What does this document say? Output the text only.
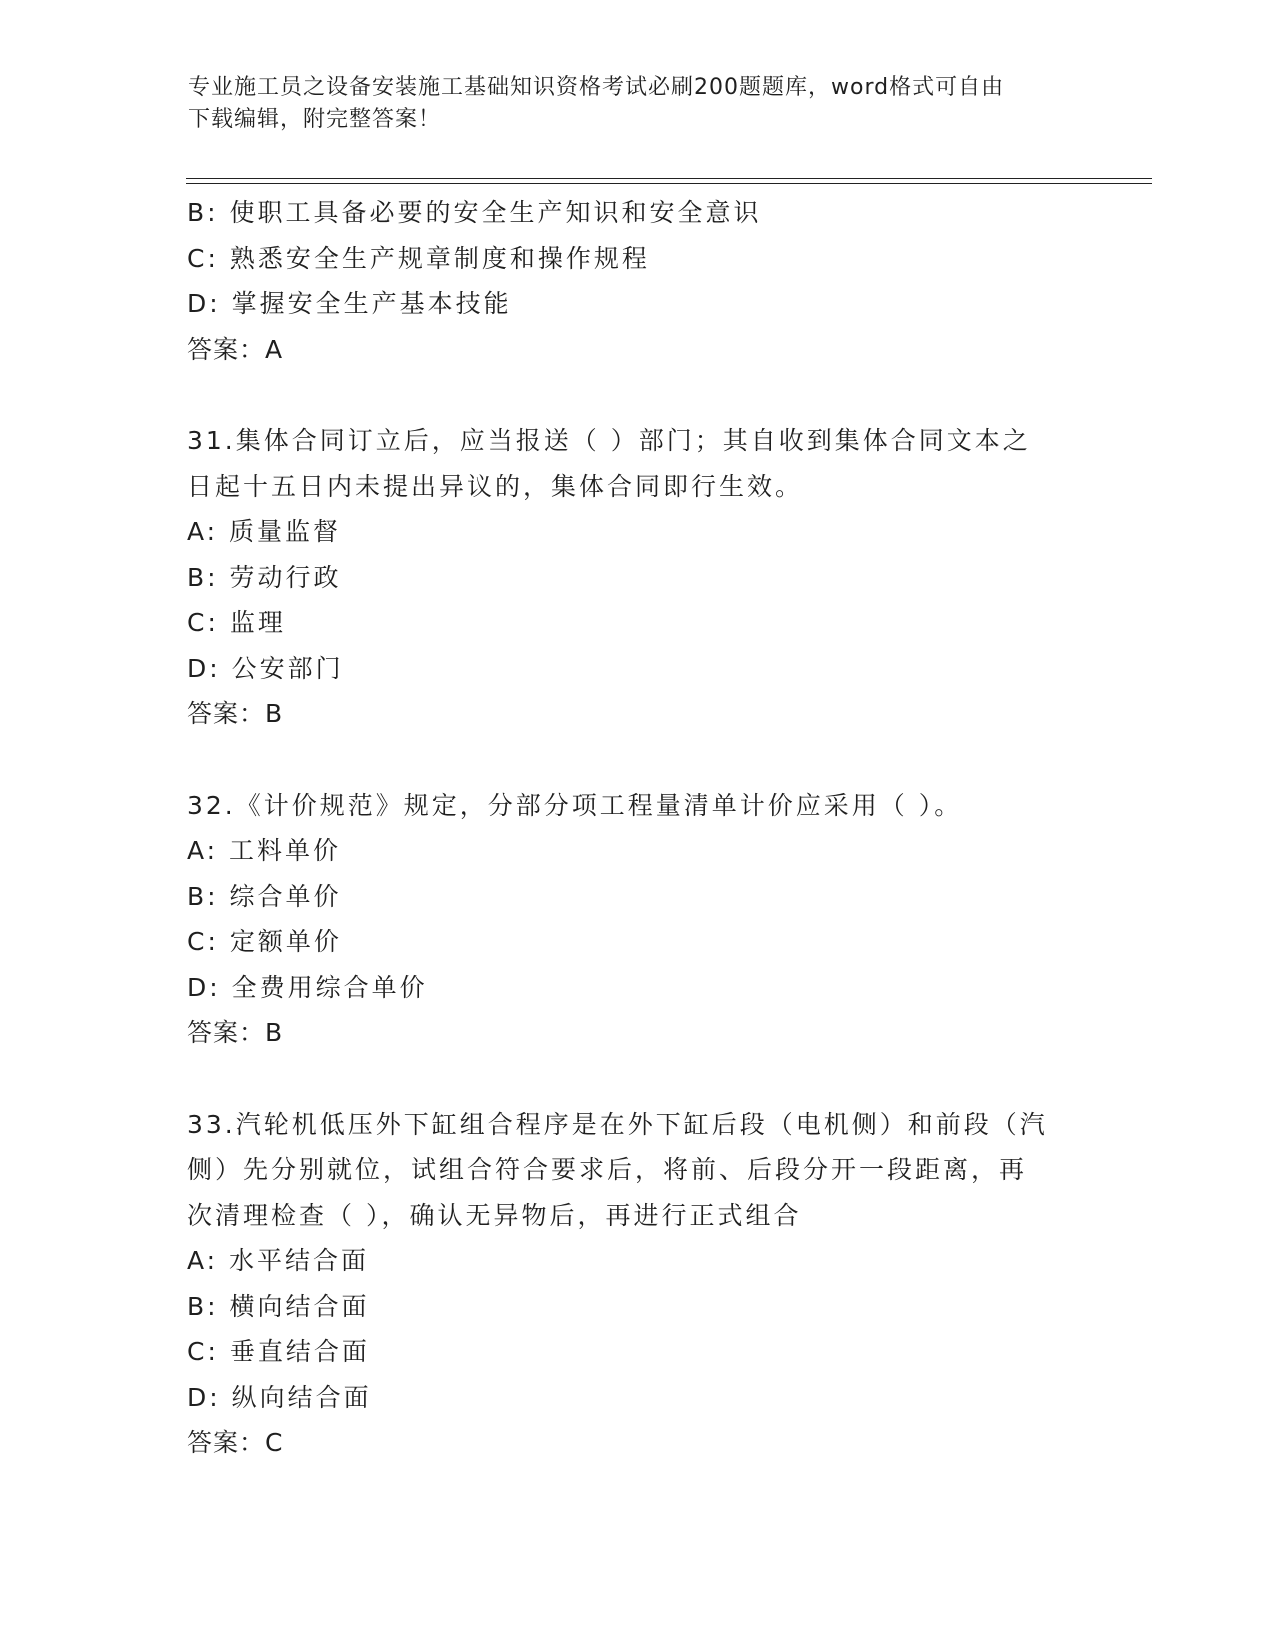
专业施工员之设备安装施工基础知识资格考试必刷200题题库，word格式可自由
下载编辑，附完整答案！
B: 使职工具备必要的安全生产知识和安全意识
C: 熟悉安全生产规章制度和操作规程
D: 掌握安全生产基本技能
答案：A
31.集体合同订立后，应当报送（ ）部门；其自收到集体合同文本之
日起十五日内未提出异议的，集体合同即行生效。
A: 质量监督
B: 劳动行政
C: 监理
D: 公安部门
答案：B
32.《计价规范》规定，分部分项工程量清单计价应采用（ ）。
A: 工料单价
B: 综合单价
C: 定额单价
D: 全费用综合单价
答案：B
33.汽轮机低压外下缸组合程序是在外下缸后段（电机侧）和前段（汽
侧）先分别就位，试组合符合要求后，将前、后段分开一段距离，再
次清理检查（ ），确认无异物后，再进行正式组合
A: 水平结合面
B: 横向结合面
C: 垂直结合面
D: 纵向结合面
答案：C
